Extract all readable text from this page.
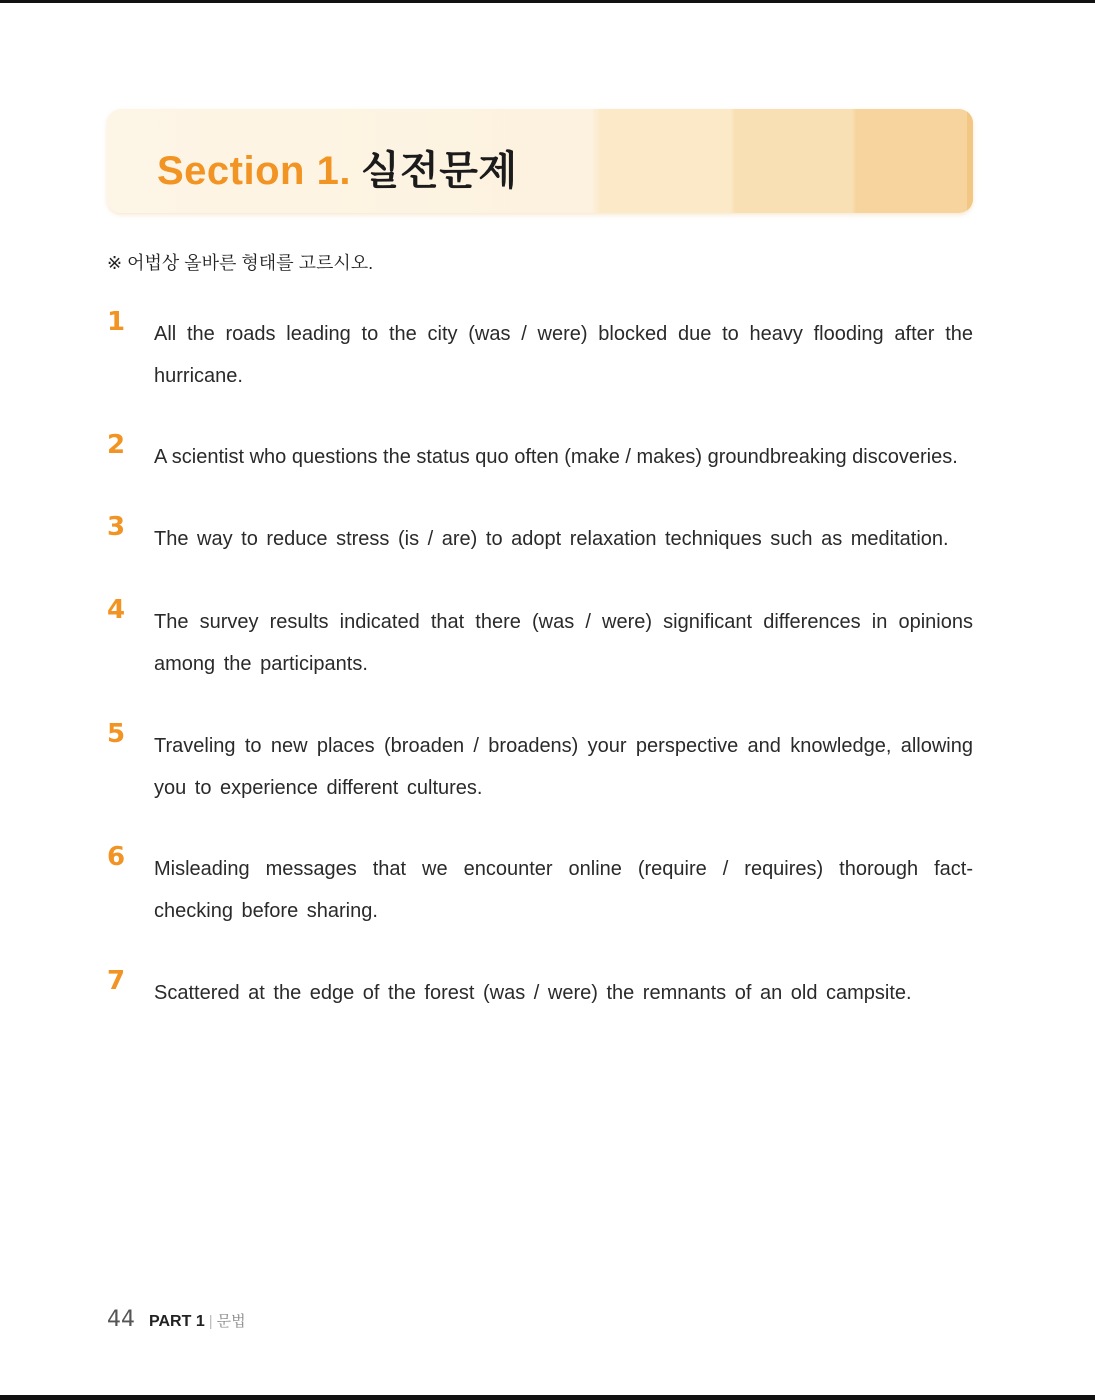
Section 1. 실전문제
※ 어법상 올바른 형태를 고르시오.
1 All the roads leading to the city (was / were) blocked due to heavy flooding after the hurricane.
2 A scientist who questions the status quo often (make / makes) groundbreaking discoveries.
3 The way to reduce stress (is / are) to adopt relaxation techniques such as meditation.
4 The survey results indicated that there (was / were) significant differences in opinions among the participants.
5 Traveling to new places (broaden / broadens) your perspective and knowledge, allowing you to experience different cultures.
6 Misleading messages that we encounter online (require / requires) thorough fact-checking before sharing.
7 Scattered at the edge of the forest (was / were) the remnants of an old campsite.
44 PART 1 | 문법
